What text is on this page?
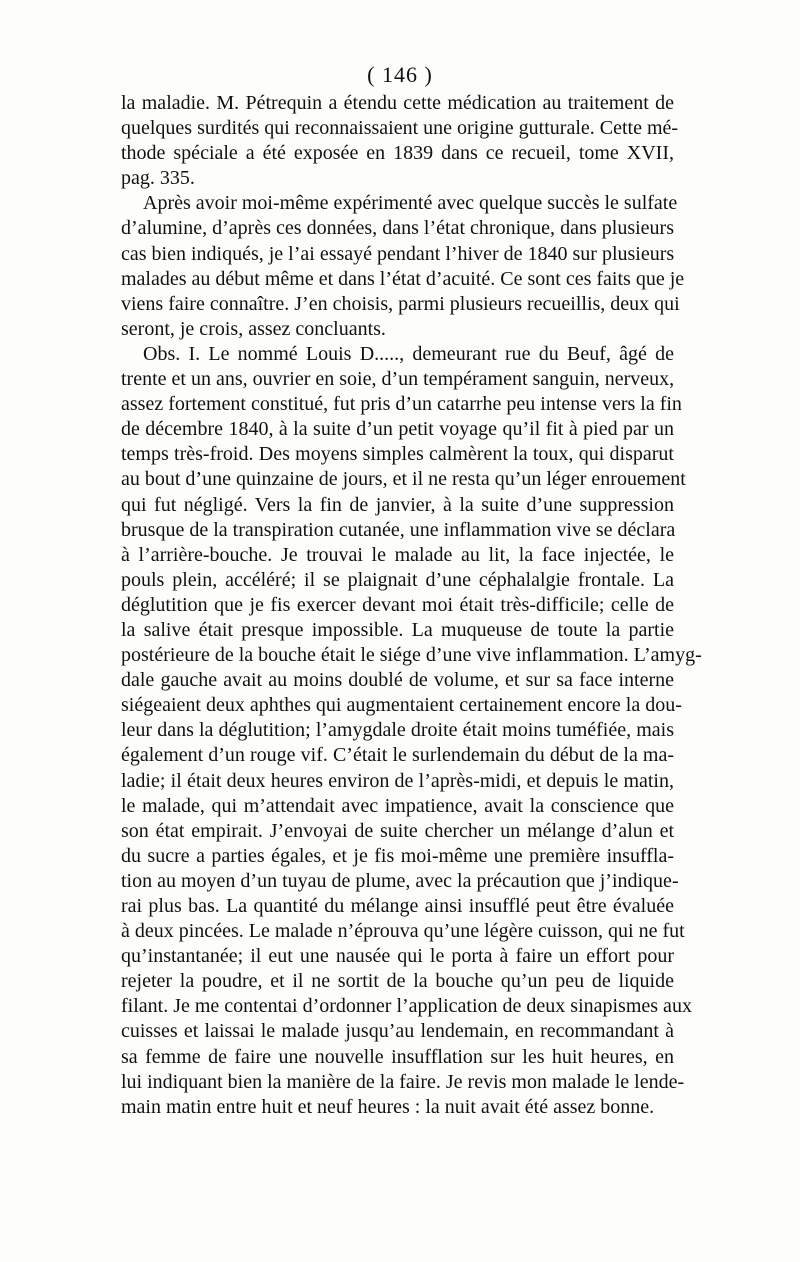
( 146 )
la maladie. M. Pétrequin a étendu cette médication au traitement de
quelques surdités qui reconnaissaient une origine gutturale. Cette mé-
thode spéciale a été exposée en 1839 dans ce recueil, tome XVII,
pag. 335.
Après avoir moi-même expérimenté avec quelque succès le sulfate
d’alumine, d’après ces données, dans l’état chronique, dans plusieurs
cas bien indiqués, je l’ai essayé pendant l’hiver de 1840 sur plusieurs
malades au début même et dans l’état d’acuité. Ce sont ces faits que je
viens faire connaître. J’en choisis, parmi plusieurs recueillis, deux qui
seront, je crois, assez concluants.
Obs. I. Le nommé Louis D....., demeurant rue du Beuf, âgé de
trente et un ans, ouvrier en soie, d’un tempérament sanguin, nerveux,
assez fortement constitué, fut pris d’un catarrhe peu intense vers la fin
de décembre 1840, à la suite d’un petit voyage qu’il fit à pied par un
temps très-froid. Des moyens simples calmèrent la toux, qui disparut
au bout d’une quinzaine de jours, et il ne resta qu’un léger enrouement
qui fut négligé. Vers la fin de janvier, à la suite d’une suppression
brusque de la transpiration cutanée, une inflammation vive se déclara
à l’arrière-bouche. Je trouvai le malade au lit, la face injectée, le
pouls plein, accéléré; il se plaignait d’une céphalalgie frontale. La
déglutition que je fis exercer devant moi était très-difficile; celle de
la salive était presque impossible. La muqueuse de toute la partie
postérieure de la bouche était le siége d’une vive inflammation. L’amyg-
dale gauche avait au moins doublé de volume, et sur sa face interne
siégeaient deux aphthes qui augmentaient certainement encore la dou-
leur dans la déglutition; l’amygdale droite était moins tuméfiée, mais
également d’un rouge vif. C’était le surlendemain du début de la ma-
ladie; il était deux heures environ de l’après-midi, et depuis le matin,
le malade, qui m’attendait avec impatience, avait la conscience que
son état empirait. J’envoyai de suite chercher un mélange d’alun et
du sucre a parties égales, et je fis moi-même une première insuffla-
tion au moyen d’un tuyau de plume, avec la précaution que j’indique-
rai plus bas. La quantité du mélange ainsi insufflé peut être évaluée
à deux pincées. Le malade n’éprouva qu’une légère cuisson, qui ne fut
qu’instantanée; il eut une nausée qui le porta à faire un effort pour
rejeter la poudre, et il ne sortit de la bouche qu’un peu de liquide
filant. Je me contentai d’ordonner l’application de deux sinapismes aux
cuisses et laissai le malade jusqu’au lendemain, en recommandant à
sa femme de faire une nouvelle insufflation sur les huit heures, en
lui indiquant bien la manière de la faire. Je revis mon malade le lende-
main matin entre huit et neuf heures : la nuit avait été assez bonne.
